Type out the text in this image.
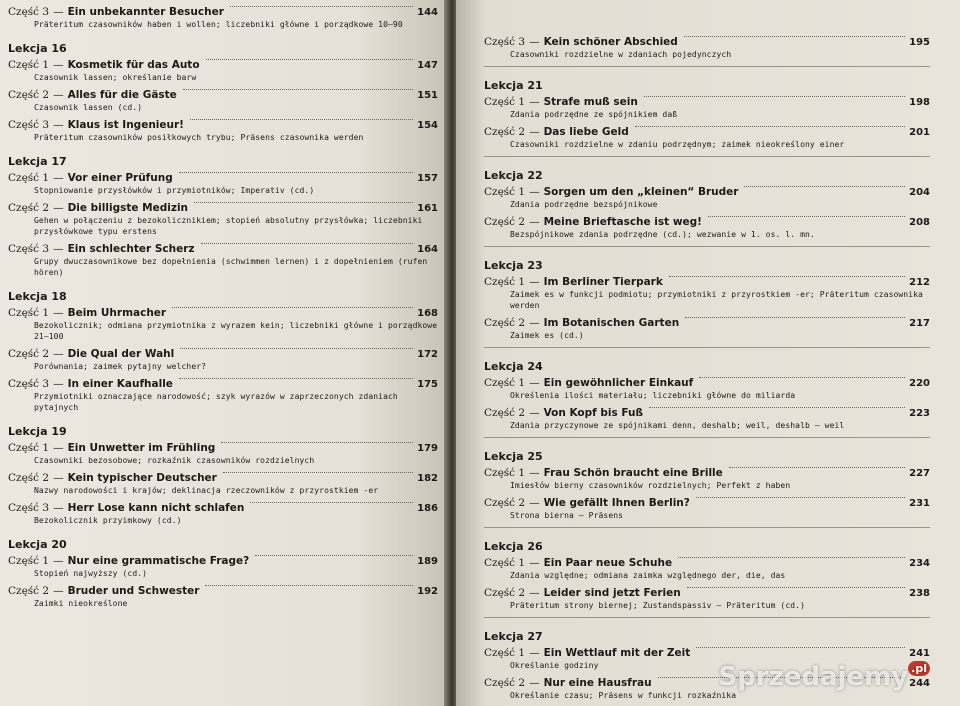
Część 3 — Ein unbekannter Besucher	144
Präteritum czasowników haben i wollen; liczebniki główne i porządkowe 10—90
Lekcja 16
Część 1 — Kosmetik für das Auto	147
Czasownik lassen; określanie barw
Część 2 — Alles für die Gäste	151
Czasownik lassen (cd.)
Część 3 — Klaus ist Ingenieur!	154
Präteritum czasowników posiłkowych trybu; Präsens czasownika werden
Lekcja 17
Część 1 — Vor einer Prüfung	157
Stopniowanie przysłówków i przymiotników; Imperativ (cd.)
Część 2 — Die billigste Medizin	161
Gehen w połączeniu z bezokolicznikiem; stopień absolutny przysłówka; liczebniki przysłówkowe typu erstens
Część 3 — Ein schlechter Scherz	164
Grupy dwuczasownikowe bez dopełnienia (schwimmen lernen) i z dopełnieniem (rufen hören)
Lekcja 18
Część 1 — Beim Uhrmacher	168
Bezokolicznik; odmiana przymiotnika z wyrazem kein; liczebniki główne i porządkowe 21—100
Część 2 — Die Qual der Wahl	172
Porównania; zaimek pytajny welcher?
Część 3 — In einer Kaufhalle	175
Przymiotniki oznaczające narodowość; szyk wyrazów w zaprzeczonych zdaniach pytajnych
Lekcja 19
Część 1 — Ein Unwetter im Frühling	179
Czasowniki bezosobowe; rozkaźnik czasowników rozdzielnych
Część 2 — Kein typischer Deutscher	182
Nazwy narodowości i krajów; deklinacja rzeczowników z przyrostkiem -er
Część 3 — Herr Lose kann nicht schlafen	186
Bezokolicznik przyimkowy (cd.)
Lekcja 20
Część 1 — Nur eine grammatische Frage?	189
Stopień najwyższy (cd.)
Część 2 — Bruder und Schwester	192
Zaimki nieokreślone
Część 3 — Kein schöner Abschied	195
Czasowniki rozdzielne w zdaniach pojedynczych
Lekcja 21
Część 1 — Strafe muß sein	198
Zdania podrzędne ze spójnikiem daß
Część 2 — Das liebe Geld	201
Czasowniki rozdzielne w zdaniu podrzędnym; zaimek nieokreślony einer
Lekcja 22
Część 1 — Sorgen um den „kleinen“ Bruder	204
Zdania podrzędne bezspójnikowe
Część 2 — Meine Brieftasche ist weg!	208
Bezspójnikowe zdania podrzędne (cd.); wezwanie w 1. os. l. mn.
Lekcja 23
Część 1 — Im Berliner Tierpark	212
Zaimek es w funkcji podmiotu; przymiotniki z przyrostkiem -er; Präteritum czasownika werden
Część 2 — Im Botanischen Garten	217
Zaimek es (cd.)
Lekcja 24
Część 1 — Ein gewöhnlicher Einkauf	220
Określenia ilości materiału; liczebniki główne do miliarda
Część 2 — Von Kopf bis Fuß	223
Zdania przyczynowe ze spójnikami denn, deshalb; weil, deshalb — weil
Lekcja 25
Część 1 — Frau Schön braucht eine Brille	227
Imiesłów bierny czasowników rozdzielnych; Perfekt z haben
Część 2 — Wie gefällt Ihnen Berlin?	231
Strona bierna — Präsens
Lekcja 26
Część 1 — Ein Paar neue Schuhe	234
Zdania względne; odmiana zaimka względnego der, die, das
Część 2 — Leider sind jetzt Ferien	238
Präteritum strony biernej; Zustandspassiv — Präteritum (cd.)
Lekcja 27
Część 1 — Ein Wettlauf mit der Zeit	241
Określanie godziny
Część 2 — Nur eine Hausfrau	244
Określanie czasu; Präsens w funkcji rozkaźnika
Sprzedajemy $^{.pl}$
